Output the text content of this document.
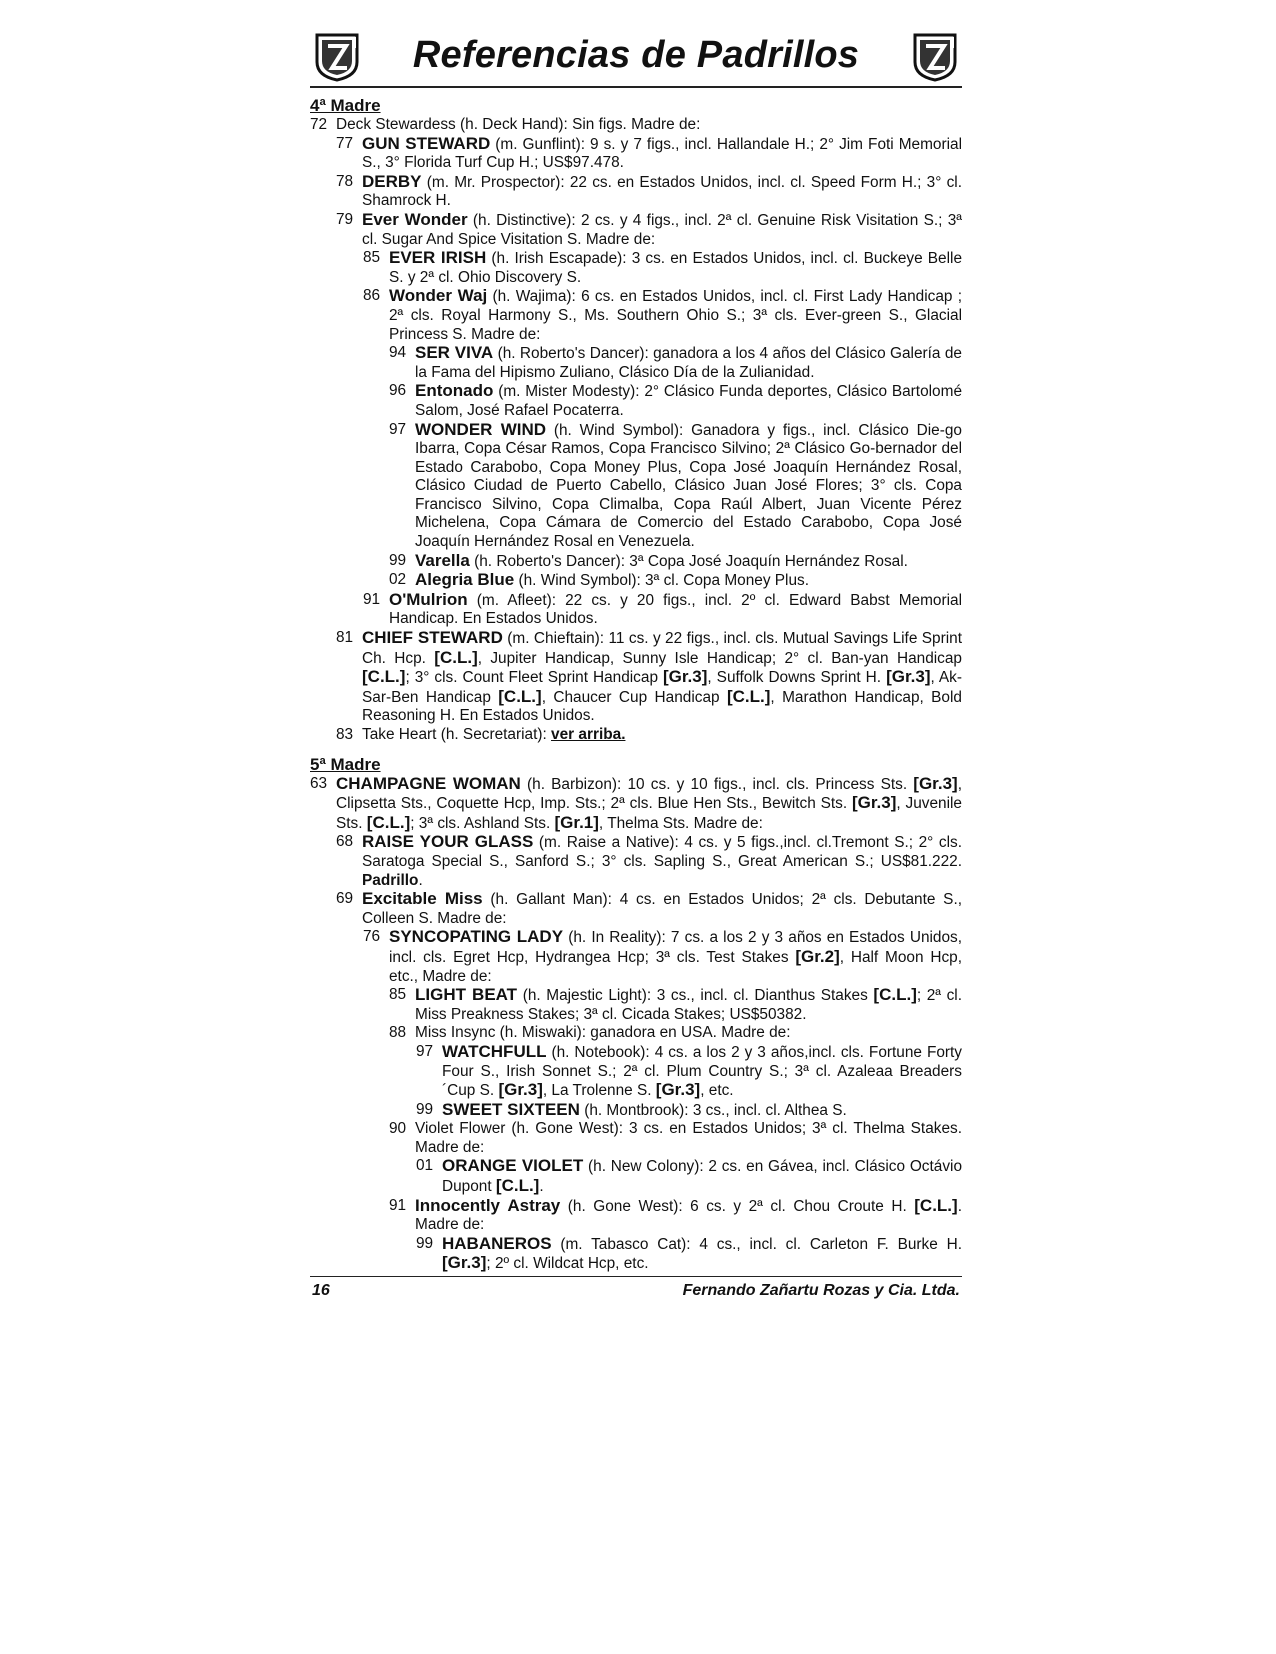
Referencias de Padrillos
4ª Madre
72 Deck Stewardess (h. Deck Hand): Sin figs. Madre de:
77 GUN STEWARD (m. Gunflint): 9 s. y 7 figs., incl. Hallandale H.; 2° Jim Foti Memorial S., 3° Florida Turf Cup H.; US$97.478.
78 DERBY (m. Mr. Prospector): 22 cs. en Estados Unidos, incl. cl. Speed Form H.; 3° cl. Shamrock H.
79 Ever Wonder (h. Distinctive): 2 cs. y 4 figs., incl. 2ª cl. Genuine Risk Visitation S.; 3ª cl. Sugar And Spice Visitation S. Madre de:
85 EVER IRISH (h. Irish Escapade): 3 cs. en Estados Unidos, incl. cl. Buckeye Belle S. y 2ª cl. Ohio Discovery S.
86 Wonder Waj (h. Wajima): 6 cs. en Estados Unidos, incl. cl. First Lady Handicap ; 2ª cls. Royal Harmony S., Ms. Southern Ohio S.; 3ª cls. Ever-green S., Glacial Princess S. Madre de:
94 SER VIVA (h. Roberto's Dancer): ganadora a los 4 años del Clásico Galería de la Fama del Hipismo Zuliano, Clásico Día de la Zulianidad.
96 Entonado (m. Mister Modesty): 2° Clásico Funda deportes, Clásico Bartolomé Salom, José Rafael Pocaterra.
97 WONDER WIND (h. Wind Symbol): Ganadora y figs., incl. Clásico Die-go Ibarra, Copa César Ramos, Copa Francisco Silvino; 2ª Clásico Go-bernador del Estado Carabobo, Copa Money Plus, Copa José Joaquín Hernández Rosal, Clásico Ciudad de Puerto Cabello, Clásico Juan José Flores; 3° cls. Copa Francisco Silvino, Copa Climalba, Copa Raúl Albert, Juan Vicente Pérez Michelena, Copa Cámara de Comercio del Estado Carabobo, Copa José Joaquín Hernández Rosal en Venezuela.
99 Varella (h. Roberto's Dancer): 3ª Copa José Joaquín Hernández Rosal.
02 Alegria Blue (h. Wind Symbol): 3ª cl. Copa Money Plus.
91 O'Mulrion (m. Afleet): 22 cs. y 20 figs., incl. 2º cl. Edward Babst Memorial Handicap. En Estados Unidos.
81 CHIEF STEWARD (m. Chieftain): 11 cs. y 22 figs., incl. cls. Mutual Savings Life Sprint Ch. Hcp. [C.L.], Jupiter Handicap, Sunny Isle Handicap; 2° cl. Ban-yan Handicap [C.L.]; 3° cls. Count Fleet Sprint Handicap [Gr.3], Suffolk Downs Sprint H. [Gr.3], Ak-Sar-Ben Handicap [C.L.], Chaucer Cup Handicap [C.L.], Marathon Handicap, Bold Reasoning H. En Estados Unidos.
83 Take Heart (h. Secretariat): ver arriba.
5ª Madre
63 CHAMPAGNE WOMAN (h. Barbizon): 10 cs. y 10 figs., incl. cls. Princess Sts. [Gr.3], Clipsetta Sts., Coquette Hcp, Imp. Sts.; 2ª cls. Blue Hen Sts., Bewitch Sts. [Gr.3], Juvenile Sts. [C.L.]; 3ª cls. Ashland Sts. [Gr.1], Thelma Sts. Madre de:
68 RAISE YOUR GLASS (m. Raise a Native): 4 cs. y 5 figs.,incl. cl.Tremont S.; 2° cls. Saratoga Special S., Sanford S.; 3° cls. Sapling S., Great American S.; US$81.222. Padrillo.
69 Excitable Miss (h. Gallant Man): 4 cs. en Estados Unidos; 2ª cls. Debutante S., Colleen S. Madre de:
76 SYNCOPATING LADY (h. In Reality): 7 cs. a los 2 y 3 años en Estados Unidos, incl. cls. Egret Hcp, Hydrangea Hcp; 3ª cls. Test Stakes [Gr.2], Half Moon Hcp, etc., Madre de:
85 LIGHT BEAT (h. Majestic Light): 3 cs., incl. cl. Dianthus Stakes [C.L.]; 2ª cl. Miss Preakness Stakes; 3ª cl. Cicada Stakes; US$50382.
88 Miss Insync (h. Miswaki): ganadora en USA. Madre de:
97 WATCHFULL (h. Notebook): 4 cs. a los 2 y 3 años,incl. cls. Fortune Forty Four S., Irish Sonnet S.; 2ª cl. Plum Country S.; 3ª cl. Azaleaa Breaders´Cup S. [Gr.3], La Trolenne S. [Gr.3], etc.
99 SWEET SIXTEEN (h. Montbrook): 3 cs., incl. cl. Althea S.
90 Violet Flower (h. Gone West): 3 cs. en Estados Unidos; 3ª cl. Thelma Stakes. Madre de:
01 ORANGE VIOLET (h. New Colony): 2 cs. en Gávea, incl. Clásico Octávio Dupont [C.L.].
91 Innocently Astray (h. Gone West): 6 cs. y 2ª cl. Chou Croute H. [C.L.]. Madre de:
99 HABANEROS (m. Tabasco Cat): 4 cs., incl. cl. Carleton F. Burke H. [Gr.3]; 2º cl. Wildcat Hcp, etc.
16	Fernando Zañartu Rozas y Cia. Ltda.
